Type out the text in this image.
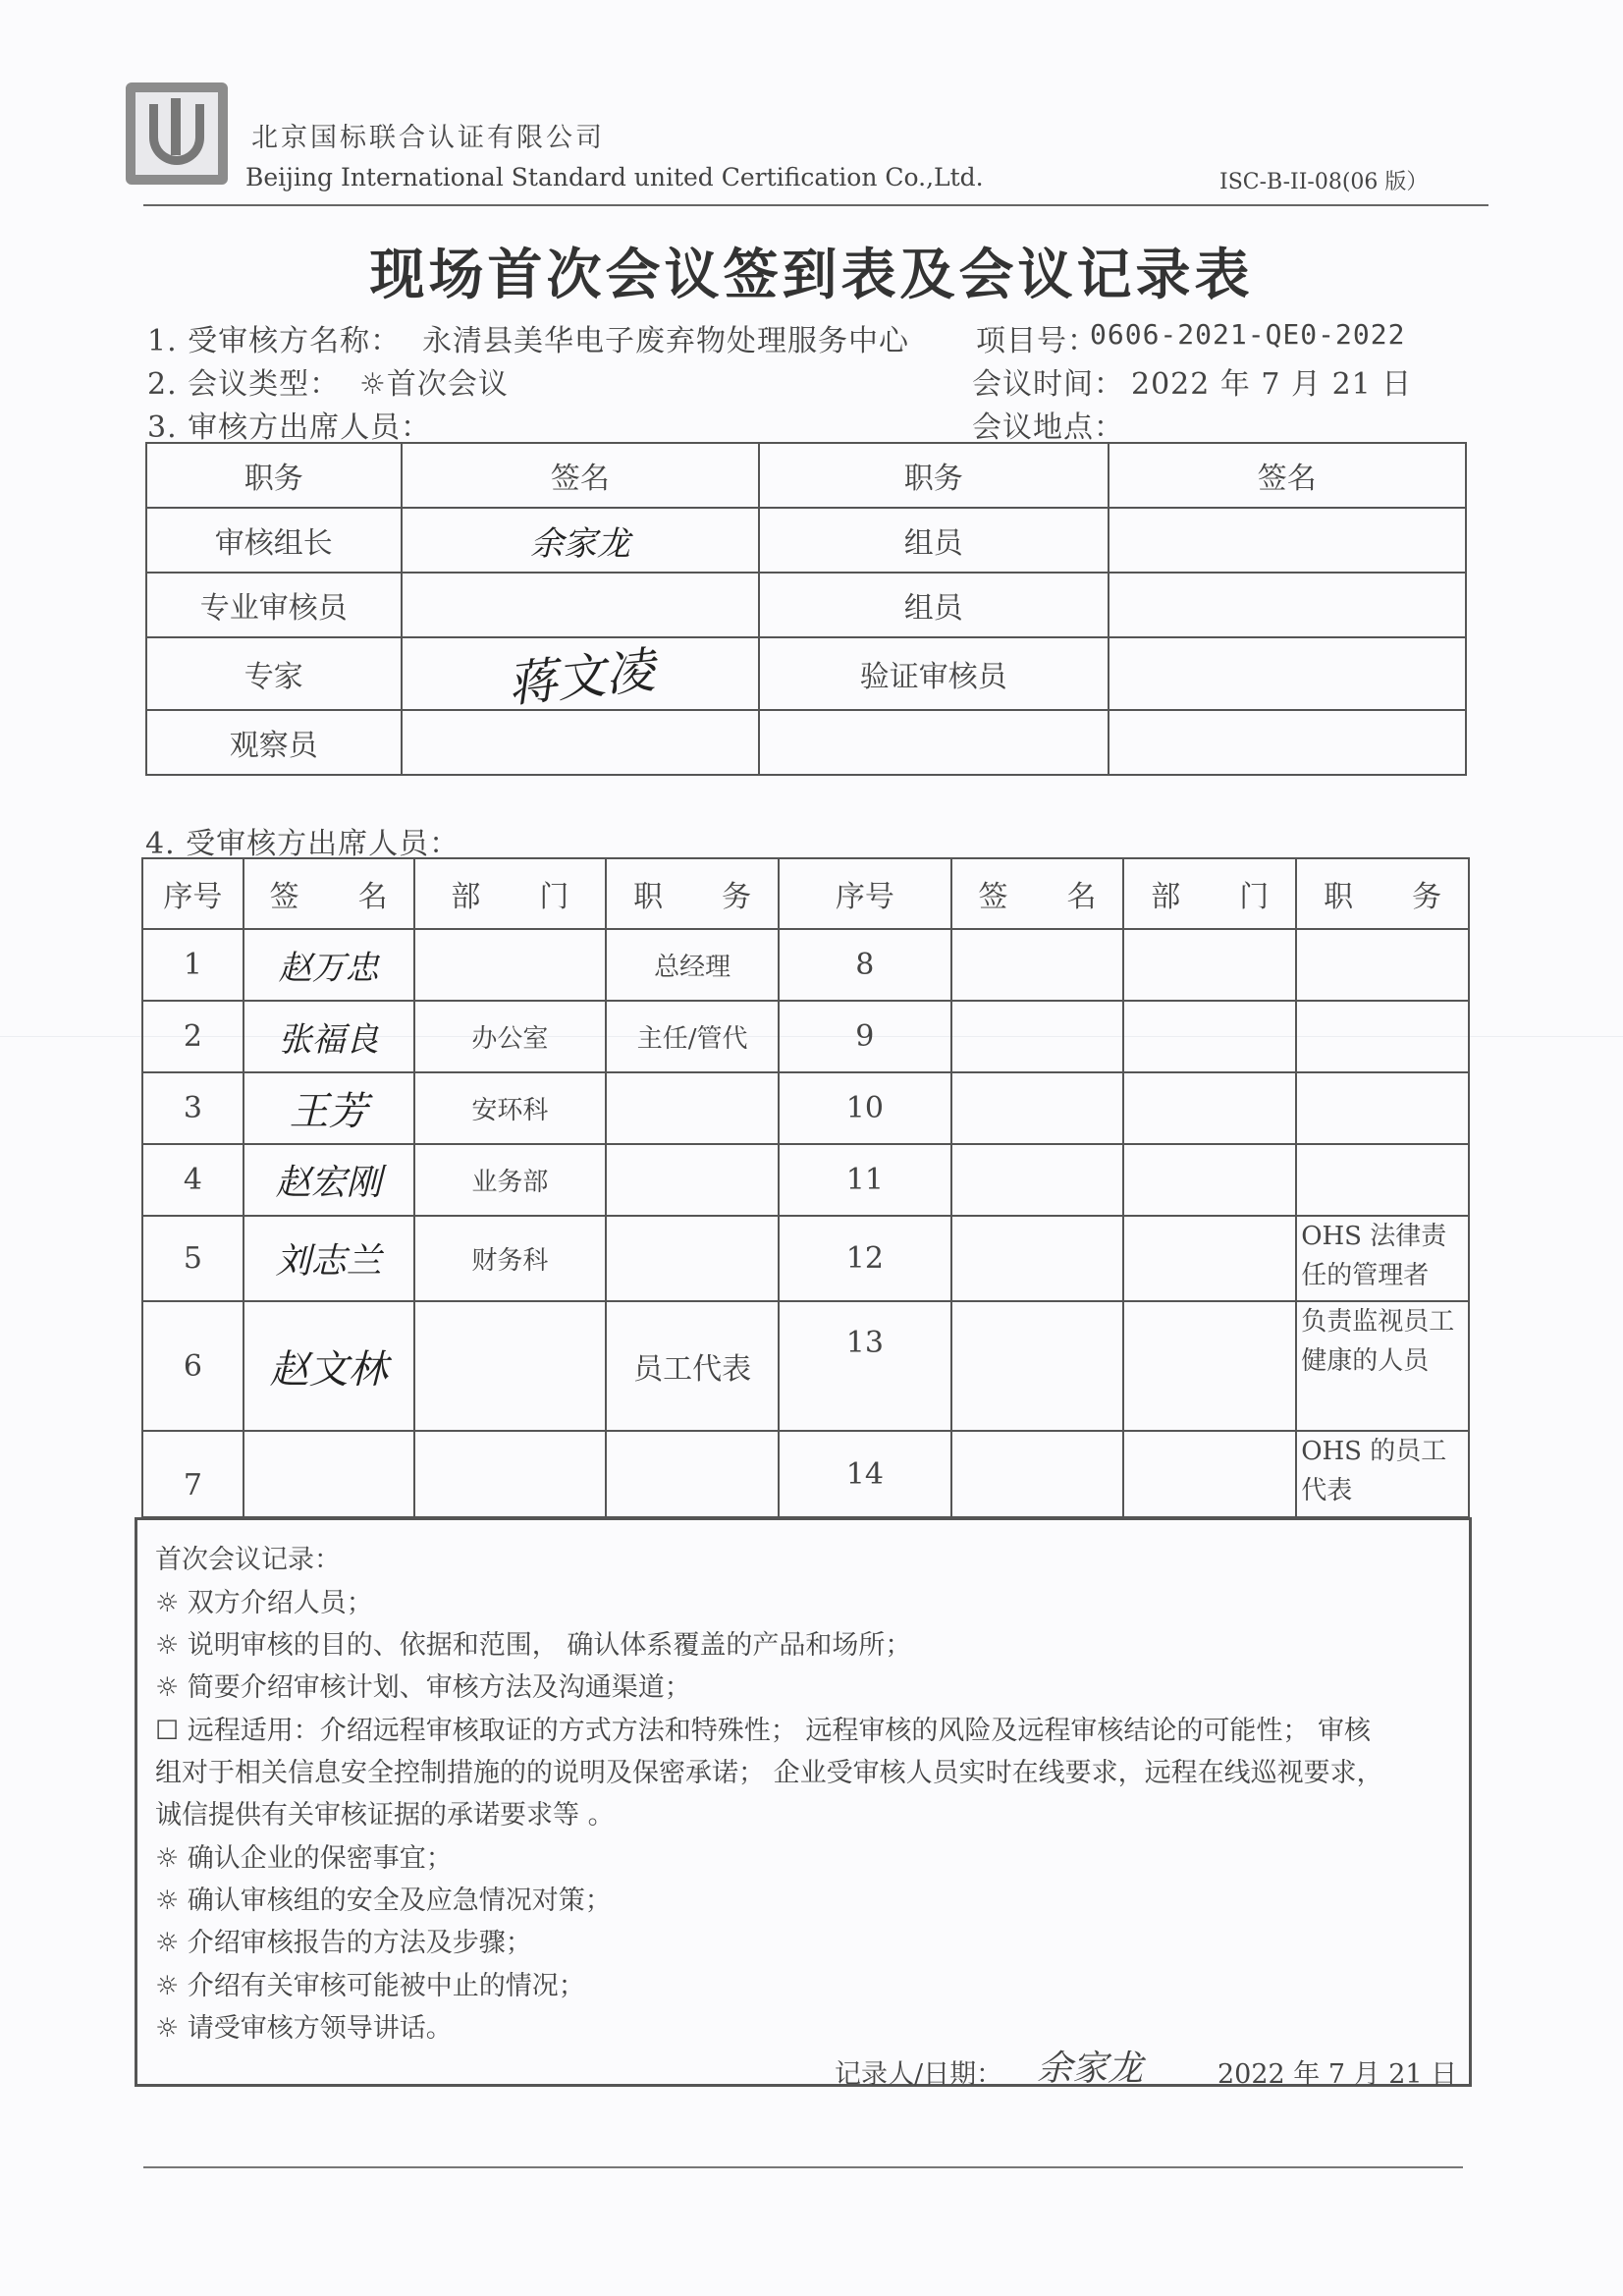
北京国标联合认证有限公司
Beijing International Standard united Certification Co.,Ltd.	ISC-B-II-08(06 版）
现场首次会议签到表及会议记录表
1. 受审核方名称： 永清县美华电子废弃物处理服务中心 项目号：
0606-2021-QE0-2022
2. 会议类型： ☼首次会议	会议时间： 2022 年 7 月 21 日
3. 审核方出席人员：	会议地点：
职务	签名	职务	签名
审核组长	余家龙	组员	
专业审核员		组员	
专家	蒋文凌	验证审核员	
观察员			
4. 受审核方出席人员：
序号	签　　名	部　　门	职　　务	序号	签　　名	部　　门	职　　务
1	赵万忠		总经理	8			
2	张福良	办公室	主任/管代	9			
3	王芳	安环科		10			
4	赵宏刚	业务部		11			
5	刘志兰	财务科		12			OHS 法律责任的管理者
6	赵文林		员工代表	13			负责监视员工健康的人员
7				14			OHS 的员工代表
首次会议记录：
☼ 双方介绍人员；
☼ 说明审核的目的、依据和范围， 确认体系覆盖的产品和场所；
☼ 简要介绍审核计划、审核方法及沟通渠道；
☐ 远程适用：介绍远程审核取证的方式方法和特殊性； 远程审核的风险及远程审核结论的可能性； 审核
组对于相关信息安全控制措施的的说明及保密承诺； 企业受审核人员实时在线要求，远程在线巡视要求，
诚信提供有关审核证据的承诺要求等 。
☼ 确认企业的保密事宜；
☼ 确认审核组的安全及应急情况对策；
☼ 介绍审核报告的方法及步骤；
☼ 介绍有关审核可能被中止的情况；
☼ 请受审核方领导讲话。
记录人/日期： 余家龙	2022 年 7 月 21 日
